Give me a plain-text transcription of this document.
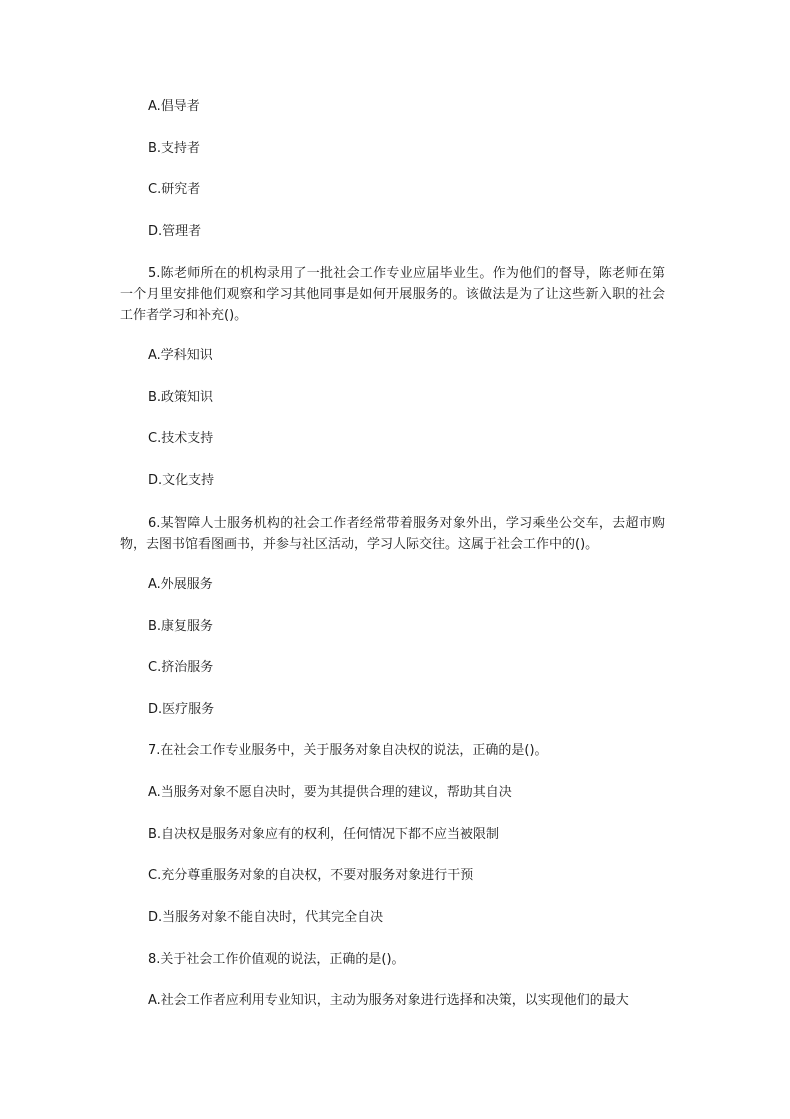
A.倡导者
B.支持者
C.研究者
D.管理者
5.陈老师所在的机构录用了一批社会工作专业应届毕业生。作为他们的督导，陈老师在第一个月里安排他们观察和学习其他同事是如何开展服务的。该做法是为了让这些新入职的社会工作者学习和补充()。
A.学科知识
B.政策知识
C.技术支持
D.文化支持
6.某智障人士服务机构的社会工作者经常带着服务对象外出，学习乘坐公交车，去超市购物，去图书馆看图画书，并参与社区活动，学习人际交往。这属于社会工作中的()。
A.外展服务
B.康复服务
C.挤治服务
D.医疗服务
7.在社会工作专业服务中，关于服务对象自决权的说法，正确的是()。
A.当服务对象不愿自决时，要为其提供合理的建议，帮助其自决
B.自决权是服务对象应有的权利，任何情况下都不应当被限制
C.充分尊重服务对象的自决权，不要对服务对象进行干预
D.当服务对象不能自决时，代其完全自决
8.关于社会工作价值观的说法，正确的是()。
A.社会工作者应利用专业知识，主动为服务对象进行选择和决策，以实现他们的最大
